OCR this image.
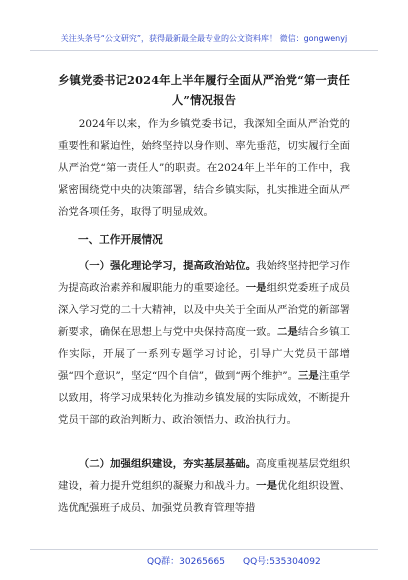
关注头条号“公文研究”，获得最新最全最专业的公文资料库！ 微信：gongwenyj
乡镇党委书记2024年上半年履行全面从严治党“第一责任
人”情况报告

2024年以来，作为乡镇党委书记，我深知全面从严治党的重要性和紧迫性，始终坚持以身作则、率先垂范，切实履行全面从严治党“第一责任人”的职责。在2024年上半年的工作中，我紧密围绕党中央的决策部署，结合乡镇实际，扎实推进全面从严治党各项任务，取得了明显成效。

一、工作开展情况

（一）强化理论学习，提高政治站位。我始终坚持把学习作为提高政治素养和履职能力的重要途径。一是组织党委班子成员深入学习党的二十大精神，以及中央关于全面从严治党的新部署新要求，确保在思想上与党中央保持高度一致。二是结合乡镇工作实际，开展了一系列专题学习讨论，引导广大党员干部增强“四个意识”，坚定“四个自信”，做到“两个维护”。三是注重学以致用，将学习成果转化为推动乡镇发展的实际成效，不断提升党员干部的政治判断力、政治领悟力、政治执行力。

（二）加强组织建设，夯实基层基础。高度重视基层党组织建设，着力提升党组织的凝聚力和战斗力。一是优化组织设置、选优配强班子成员、加强党员教育管理等措

QQ群：30265665 QQ号:535304092
